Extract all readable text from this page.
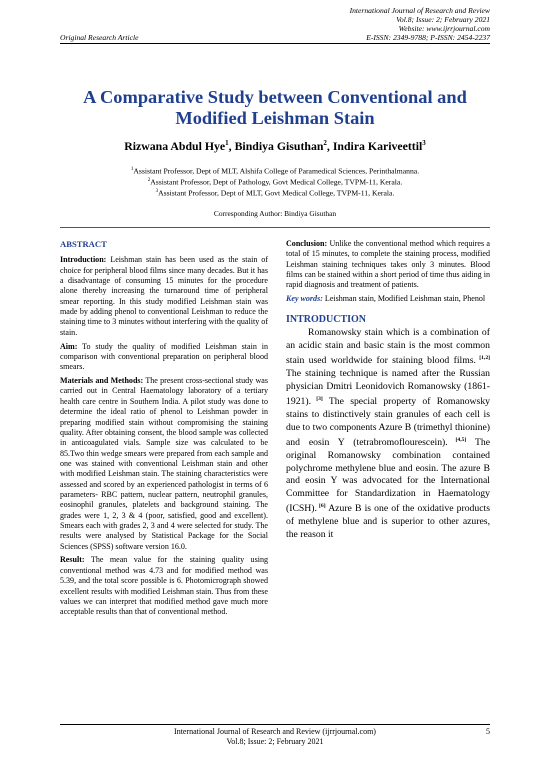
International Journal of Research and Review
Vol.8; Issue: 2; February 2021
Website: www.ijrrjournal.com
Original Research Article	E-ISSN: 2349-9788; P-ISSN: 2454-2237
A Comparative Study between Conventional and
Modified Leishman Stain
Rizwana Abdul Hye$^1$, Bindiya Gisuthan$^2$, Indira Kariveettil$^3$
$^1$Assistant Professor, Dept of MLT, Alshifa College of Paramedical Sciences, Perinthalmanna.
$^2$Assistant Professor, Dept of Pathology, Govt Medical College, TVPM-11, Kerala.
$^3$Assistant Professor, Dept of MLT, Govt Medical College, TVPM-11, Kerala.
Corresponding Author: Bindiya Gisuthan

ABSTRACT

Introduction: Leishman stain has been used as the stain of choice for peripheral blood films since many decades. But it has a disadvantage of consuming 15 minutes for the procedure alone thereby increasing the turnaround time of peripheral smear reporting. In this study modified Leishman stain was made by adding phenol to conventional Leishman to reduce the staining time to 3 minutes without interfering with the quality of stain.

Aim: To study the quality of modified Leishman stain in comparison with conventional preparation on peripheral blood smears.

Materials and Methods: The present cross-sectional study was carried out in Central Haematology laboratory of a tertiary health care centre in Southern India. A pilot study was done to determine the ideal ratio of phenol to Leishman powder in preparing modified stain without compromising the staining quality. After obtaining consent, the blood sample was collected in anticoagulated vials. Sample size was calculated to be 85.Two thin wedge smears were prepared from each sample and one was stained with conventional Leishman stain and other with modified Leishman stain. The staining characteristics were assessed and scored by an experienced pathologist in terms of 6 parameters- RBC pattern, nuclear pattern, neutrophil granules, eosinophil granules, platelets and background staining. The grades were 1, 2, 3 & 4 (poor, satisfied, good and excellent). Smears each with grades 2, 3 and 4 were selected for study. The results were analysed by Statistical Package for the Social Sciences (SPSS) software version 16.0.

Result: The mean value for the staining quality using conventional method was 4.73 and for modified method was 5.39, and the total score possible is 6. Photomicrograph showed excellent results with modified Leishman stain. Thus from these values we can interpret that modified method gave much more acceptable results than that of conventional method.

Conclusion: Unlike the conventional method which requires a total of 15 minutes, to complete the staining process, modified Leishman staining techniques takes only 3 minutes. Blood films can be stained within a short period of time thus aiding in rapid diagnosis and treatment of patients.

Key words: Leishman stain, Modified Leishman stain, Phenol

INTRODUCTION

Romanowsky stain which is a combination of an acidic stain and basic stain is the most common stain used worldwide for staining blood films. [1,2] The staining technique is named after the Russian physician Dmitri Leonidovich Romanowsky (1861-1921). [3] The special property of Romanowsky stains to distinctively stain granules of each cell is due to two components Azure B (trimethyl thionine) and eosin Y (tetrabromoflourescein). [4,5] The original Romanowsky combination contained polychrome methylene blue and eosin. The azure B and eosin Y was advocated for the International Committee for Standardization in Haematology (ICSH). [6] Azure B is one of the oxidative products of methylene blue and is superior to other azures, the reason it

International Journal of Research and Review (ijrrjournal.com)
Vol.8; Issue: 2; February 2021
5
